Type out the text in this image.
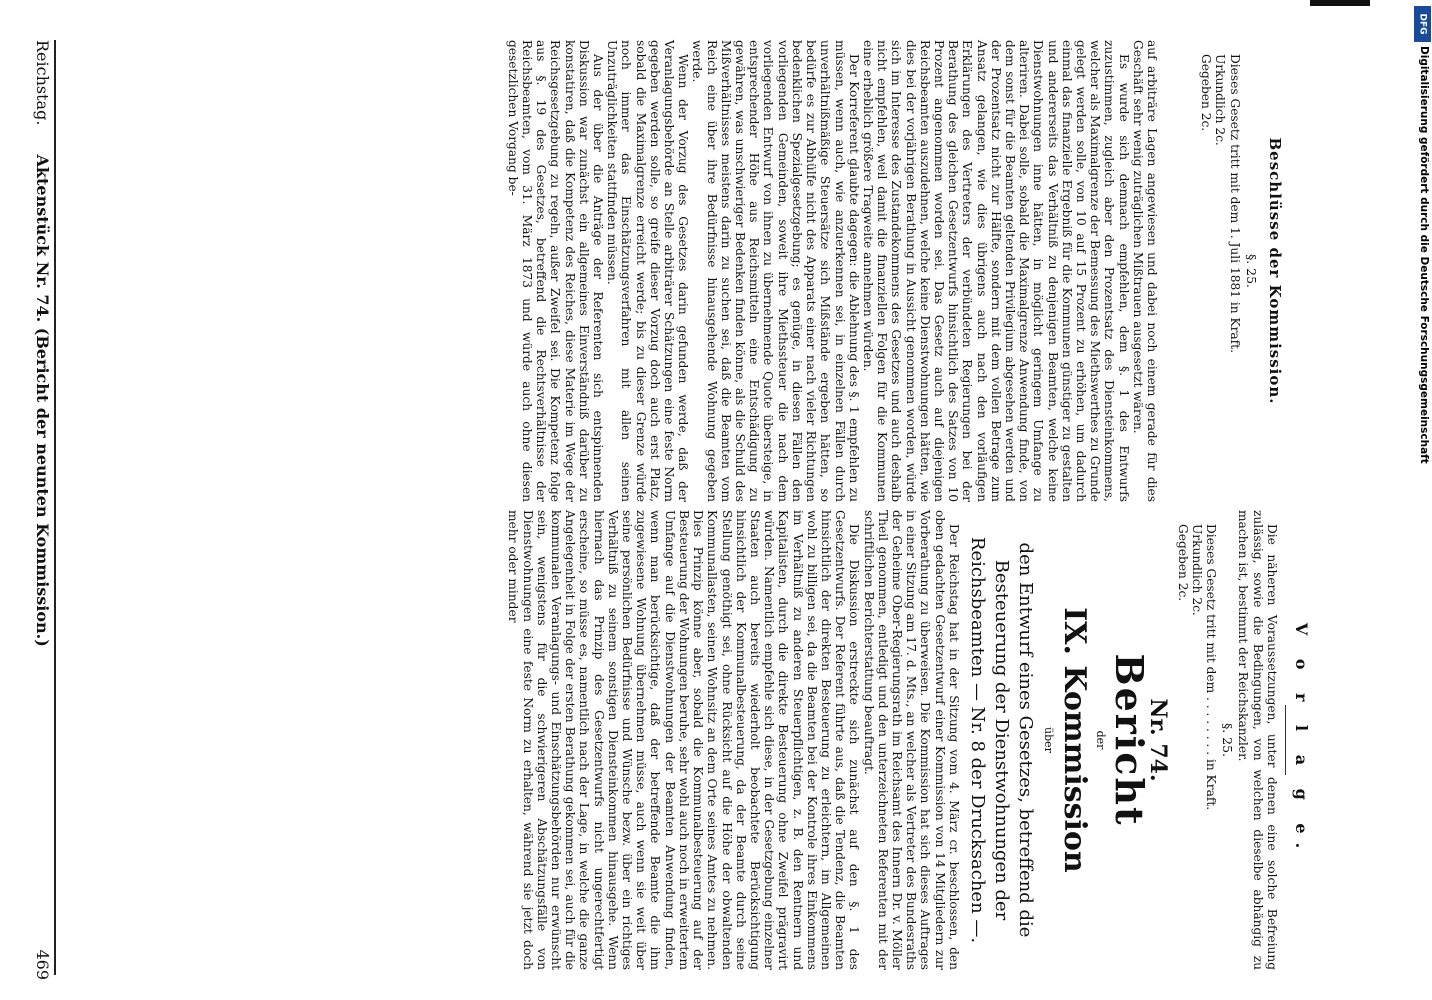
V o r l a g e.

Die näheren Voraussetzungen, unter denen eine solche Befreiung zulässig, sowie die Bedingungen, von welchen dieselbe abhängig zu machen ist, bestimmt der Reichskanzler.

§. 25.

Dieses Gesetz tritt mit dem . . . . . . . . in Kraft.

Urkundlich 2c.

Gegeben 2c.

Nr. 74.
Bericht
der
IX. Kommission
über
den Entwurf eines Gesetzes, betreffend die Besteuerung der Dienstwohnungen der Reichsbeamten — Nr. 8 der Drucksachen —.

Der Reichstag hat in der Sitzung vom 4. März cr. beschlossen, den oben gedachten Gesetzentwurf einer Kommission von 14 Mitgliedern zur Vorberathung zu überweisen. Die Kommission hat sich dieses Auftrages in einer Sitzung am 17. d. Mts., an welcher als Vertreter des Bundesraths der Geheime Ober-Regierungsrath im Reichsamt des Innern Dr. v. Möller Theil genommen, entledigt und den unterzeichneten Referenten mit der schriftlichen Berichterstattung beauftragt.

Die Diskussion erstreckte sich zunächst auf den §. 1 des Gesetzentwurfs. Der Referent führte aus, daß die Tendenz, die Beamten hinsichtlich der direkten Besteuerung zu erleichtern, im Allgemeinen wohl zu billigen sei, da die Beamten bei der Kontrole ihres Einkommens im Verhältniß zu anderen Steuerpflichtigen, z. B. den Rentnern und Kapitalisten, durch die direkte Besteuerung ohne Zweifel prägravirt würden. Namentlich empfehle sich diese, in der Gesetzgebung einzelner Staaten auch bereits wiederholt beobachtete Berücksichtigung hinsichtlich der Kommunalbesteuerung, da der Beamte durch seine Stellung genöthigt sei, ohne Rücksicht auf die Höhe der obwaltenden Kommunallasten, seinen Wohnsitz an dem Orte seines Amtes zu nehmen. Dies Prinzip könne aber, sobald die Kommunalbesteuerung auf der Besteuerung der Wohnungen beruhe, sehr wohl auch noch in erweitertem Umfange auf die Dienstwohnungen der Beamten Anwendung finden, wenn man berücksichtige, daß der betreffende Beamte die ihm zugewiesene Wohnung übernehmen müsse, auch wenn sie weit über seine persönlichen Bedürfnisse und Wünsche bezw. über ein richtiges Verhältniß zu seinem sonstigen Diensteinkommen hinausgehe. Wenn hiernach das Prinzip des Gesetzentwurfs nicht ungerechtfertigt erscheine, so müsse es, namentlich nach der Lage, in welche die ganze Angelegenheit in Folge der ersten Berathung gekommen sei, auch für die kommunalen Veranlagungs- und Einschätzungsbehörden nur erwünscht sein, wenigstens für die schwierigeren Abschätzungsfälle von Dienstwohnungen eine feste Norm zu erhalten, während sie jetzt doch mehr oder minder

Beschlüsse der Kommission.
§. 25.

Dieses Gesetz tritt mit dem 1. Juli 1881 in Kraft.

Urkundlich 2c.

Gegeben 2c.

auf arbiträre Lagen angewiesen und dabei noch einem gerade für dies Geschäft sehr wenig zuträglichen Mißtrauen ausgesetzt wären.

Es wurde sich demnach empfehlen, dem §. 1 des Entwurfs zuzustimmen, zugleich aber den Prozentsatz des Diensteinkommens, welcher als Maximalgrenze der Bemessung des Miethswerthes zu Grunde gelegt werden solle, von 10 auf 15 Prozent zu erhöhen, um dadurch einmal das finanzielle Ergebniß für die Kommunen günstiger zu gestalten und andererseits das Verhältniß zu denjenigen Beamten, welche keine Dienstwohnungen inne hätten, in möglicht geringem Umfange zu alteriren. Dabei solle, sobald die Maximalgrenze Anwendung finde, von dem sonst für die Beamten geltenden Privilegium abgesehen werden und der Prozentsatz nicht zur Hälfte, sondern mit dem vollen Betrage zum Ansatz gelangen, wie dies übrigens auch nach den vorläufigen Erklärungen des Vertreters der verbündeten Regierungen bei der Berathung des gleichen Gesetzentwurfs hinsichtlich des Satzes von 10 Prozent angenommen worden sei. Das Gesetz auch auf diejenigen Reichsbeamten auszudehnen, welche keine Dienstwohnungen hätten, wie dies bei der vorjährigen Berathung in Aussicht genommen worden, würde sich im Interesse des Zustandekommens des Gesetzes und auch deshalb nicht empfehlen, weil damit die finanziellen Folgen für die Kommunen eine erheblich größere Tragweite annehmen würden.

Der Korreferent glaubte dagegen: die Ablehnung des §. 1 empfehlen zu müssen, wenn auch, wie anzuerkennen sei, in einzelnen Fällen durch unverhältnißmäßige Steuersätze sich Mißstände ergeben hätten, so bedürfe es zur Abhülfe nicht des Apparats einer nach vieler Richtungen bedenklichen Spezialgesetzgebung; es genüge, in diesen Fällen den vorliegenden Gemeinden, soweit ihre Miethssteuer die nach dem vorliegenden Entwurf von ihnen zu übernehmende Quote übersteige, in entsprechender Höhe aus Reichsmitteln eine Entschädigung zu gewähren, was unschwieriger Bedenken finden könne, als die Schuld des Mißverhältnisses meistens darin zu suchen sei, daß die Beamten vom Reich eine über ihre Bedürfnisse hinausgehende Wohnung gegeben werde.

Wenn der Vorzug des Gesetzes darin gefunden werde, daß der Veranlagungsbehörde an Stelle arbiträrer Schätzungen eine feste Norm gegeben werden solle, so greife dieser Vorzug doch auch erst Platz, sobald die Maximalgrenze erreicht werde; bis zu dieser Grenze würde noch immer das Einschätzungsverfahren mit allen seinen Unzuträglichkeiten stattfinden müssen.

Aus der über die Anträge der Referenten sich entspinnenden Diskussion war zunächst ein allgemeines Einverständniß darüber zu konstatiren, daß die Kompetenz des Reiches, diese Materie im Wege der Reichsgesetzgebung zu regeln, außer Zweifel sei. Die Kompetenz folge aus §. 19 des Gesetzes, betreffend die Rechtsverhältnisse der Reichsbeamten, vom 31. März 1873 und würde auch ohne diesen gesetzlichen Vorgang be-

Reichstag. Aktenstück Nr. 74. (Bericht der neunten Kommission.)
469
DFG
Digitalisierung gefördert durch die Deutsche Forschungsgemeinschaft
